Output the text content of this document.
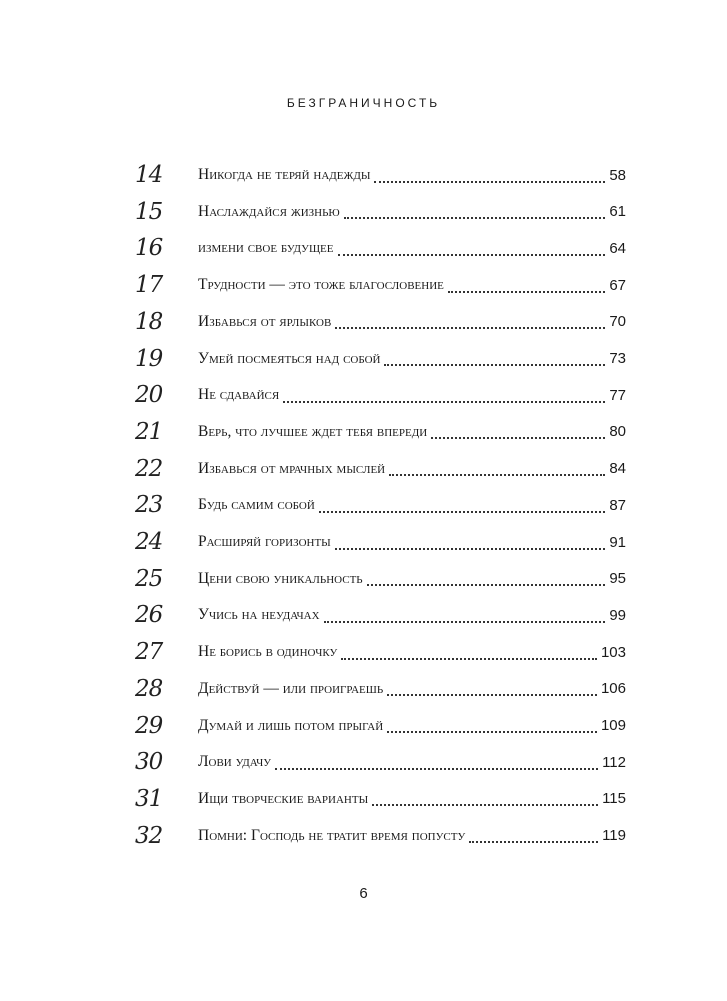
БЕЗГРАНИЧНОСТЬ
14	Никогда не теряй надежды	58
15	Наслаждайся жизнью	61
16	измени свое будущее	64
17	Трудности — это тоже благословение	67
18	Избавься от ярлыков	70
19	Умей посмеяться над собой	73
20	Не сдавайся	77
21	Верь, что лучшее ждет тебя впереди	80
22	Избавься от мрачных мыслей	84
23	Будь самим собой	87
24	Расширяй горизонты	91
25	Цени свою уникальность	95
26	Учись на неудачах	99
27	Не борись в одиночку	103
28	Действуй — или проиграешь	106
29	Думай и лишь потом прыгай	109
30	Лови удачу	112
31	Ищи творческие варианты	115
32	Помни: Господь не тратит время попусту	119
6
